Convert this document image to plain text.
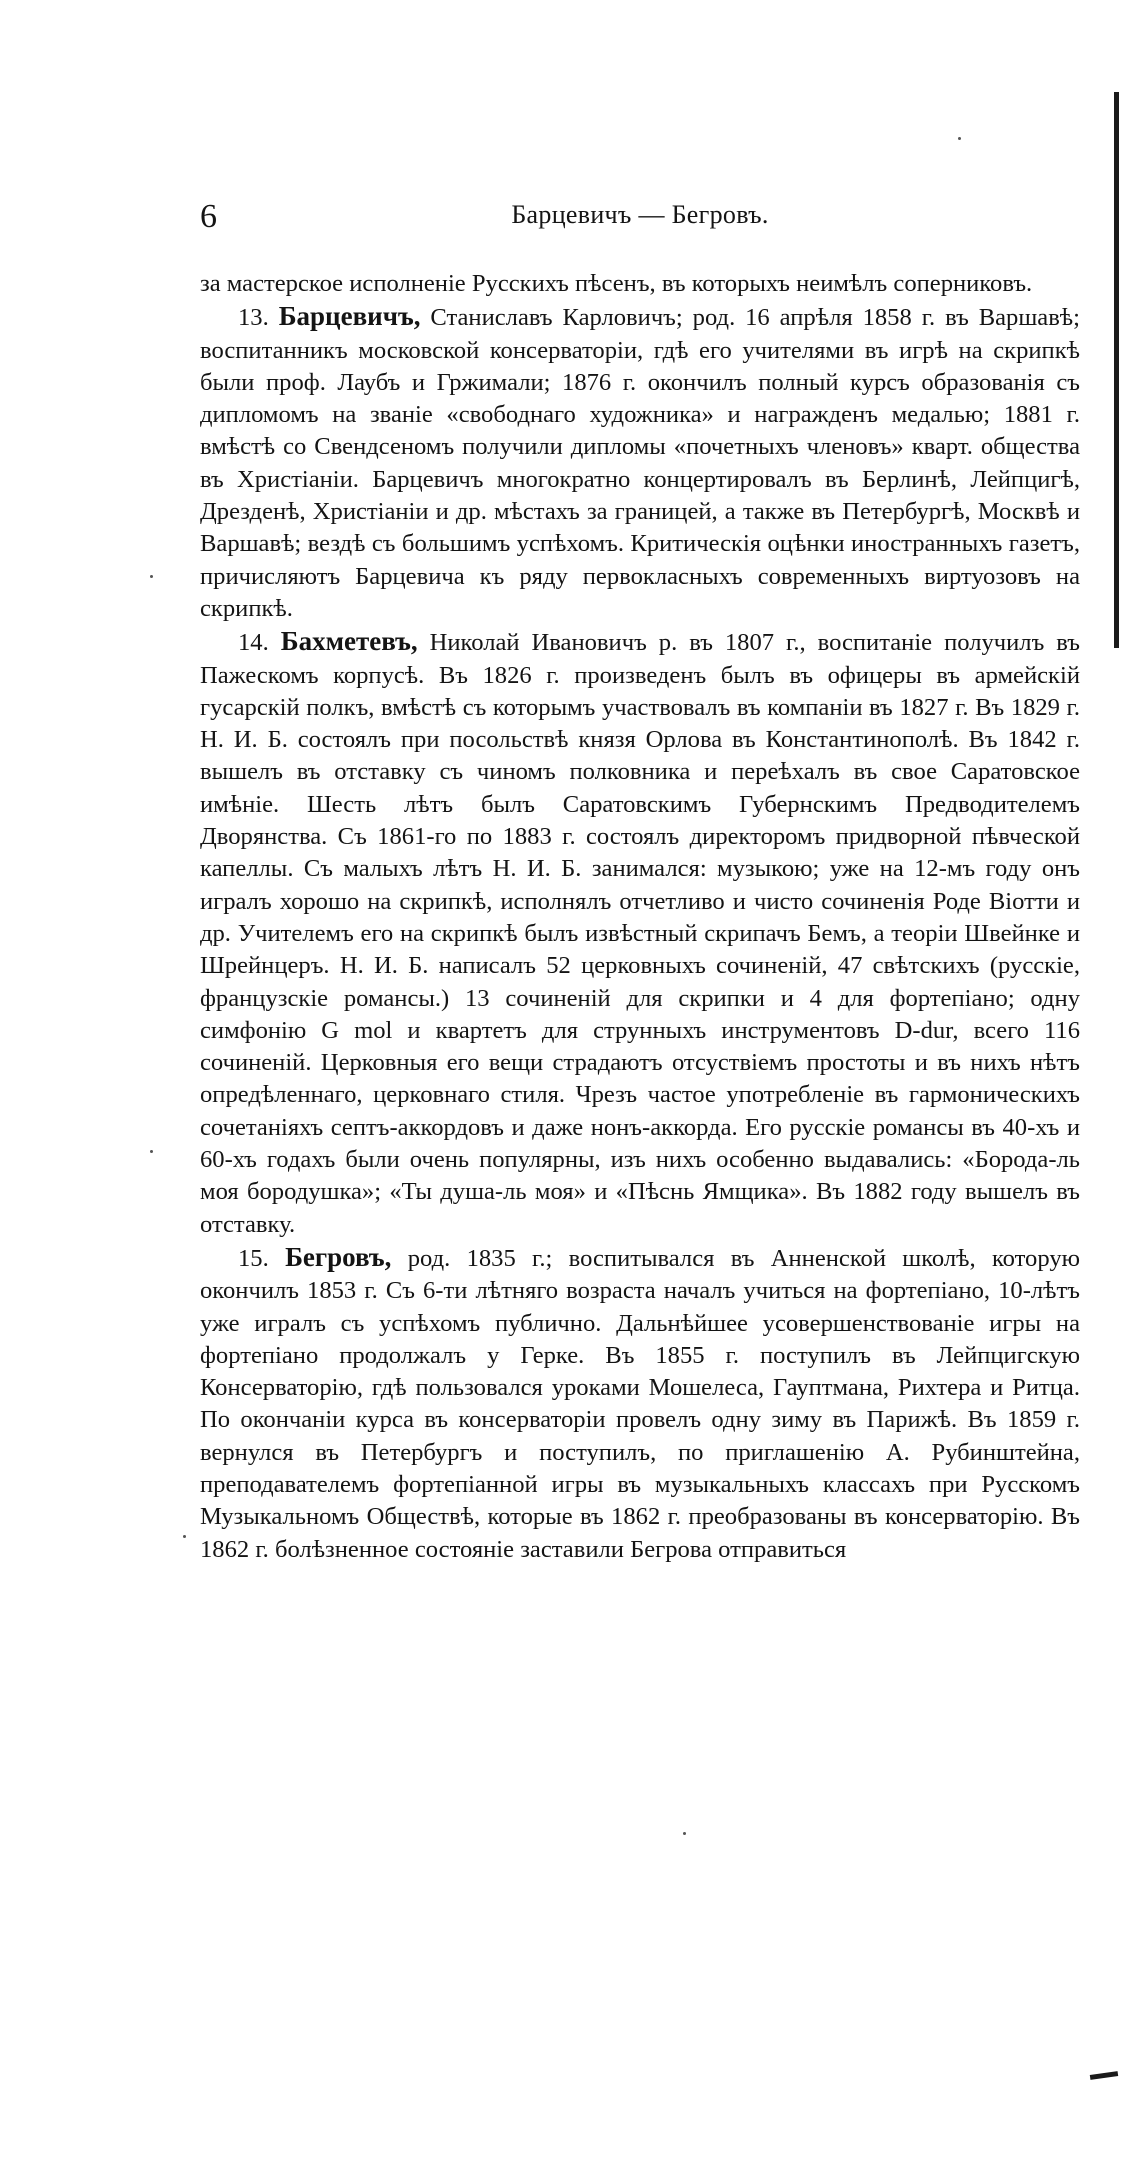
6	Барцевичъ — Бегровъ.

за мастерское исполненіе Русскихъ пѣсенъ, въ которыхъ неимѣлъ соперниковъ.

13. Барцевичъ, Станиславъ Карловичъ; род. 16 апрѣля 1858 г. въ Варшавѣ; воспитанникъ московской консерваторіи, гдѣ его учителями въ игрѣ на скрипкѣ были проф. Лаубъ и Гржимали; 1876 г. окончилъ полный курсъ образованія съ дипломомъ на званіе «свободнаго художника» и награжденъ медалью; 1881 г. вмѣстѣ со Свендсеномъ получили дипломы «почетныхъ членовъ» кварт. общества въ Христіаніи. Барцевичъ многократно концертировалъ въ Берлинѣ, Лейпцигѣ, Дрезденѣ, Христіаніи и др. мѣстахъ за границей, а также въ Петербургѣ, Москвѣ и Варшавѣ; вездѣ съ большимъ успѣхомъ. Критическія оцѣнки иностранныхъ газетъ, причисляютъ Барцевича къ ряду первокласныхъ современныхъ виртуозовъ на скрипкѣ.

14. Бахметевъ, Николай Ивановичъ р. въ 1807 г., воспитаніе получилъ въ Пажескомъ корпусѣ. Въ 1826 г. произведенъ былъ въ офицеры въ армейскій гусарскій полкъ, вмѣстѣ съ которымъ участвовалъ въ компаніи въ 1827 г. Въ 1829 г. Н. И. Б. состоялъ при посольствѣ князя Орлова въ Константинополѣ. Въ 1842 г. вышелъ въ отставку съ чиномъ полковника и переѣхалъ въ свое Саратовское имѣніе. Шесть лѣтъ былъ Саратовскимъ Губернскимъ Предводителемъ Дворянства. Съ 1861-го по 1883 г. состоялъ директоромъ придворной пѣвческой капеллы. Съ малыхъ лѣтъ Н. И. Б. занимался: музыкою; уже на 12-мъ году онъ игралъ хорошо на скрипкѣ, исполнялъ отчетливо и чисто сочиненія Роде Віотти и др. Учителемъ его на скрипкѣ былъ извѣстный скрипачъ Бемъ, а теоріи Швейнке и Шрейнцеръ. Н. И. Б. написалъ 52 церковныхъ сочиненій, 47 свѣтскихъ (русскіе, французскіе романсы.) 13 сочиненій для скрипки и 4 для фортепіано; одну симфонію G mol и квартетъ для струнныхъ инструментовъ D-dur, всего 116 сочиненій. Церковныя его вещи страдаютъ отсуствіемъ простоты и въ нихъ нѣтъ опредѣленнаго, церковнаго стиля. Чрезъ частое употребленіе въ гармоническихъ сочетаніяхъ септъ-аккордовъ и даже нонъ-аккорда. Его русскіе романсы въ 40-хъ и 60-хъ годахъ были очень популярны, изъ нихъ особенно выдавались: «Борода-ль моя бородушка»; «Ты душа-ль моя» и «Пѣснь Ямщика». Въ 1882 году вышелъ въ отставку.

15. Бегровъ, род. 1835 г.; воспитывался въ Анненской школѣ, которую окончилъ 1853 г. Съ 6-ти лѣтняго возраста началъ учиться на фортепіано, 10-лѣтъ уже игралъ съ успѣхомъ публично. Дальнѣйшее усовершенствованіе игры на фортепіано продолжалъ у Герке. Въ 1855 г. поступилъ въ Лейпцигскую Консерваторію, гдѣ пользовался уроками Мошелеса, Гауптмана, Рихтера и Ритца. По окончаніи курса въ консерваторіи провелъ одну зиму въ Парижѣ. Въ 1859 г. вернулся въ Петербургъ и поступилъ, по приглашенію А. Рубинштейна, преподавателемъ фортепіанной игры въ музыкальныхъ классахъ при Русскомъ Музыкальномъ Обществѣ, которые въ 1862 г. преобразованы въ консерваторію. Въ 1862 г. болѣзненное состояніе заставили Бегрова отправиться
